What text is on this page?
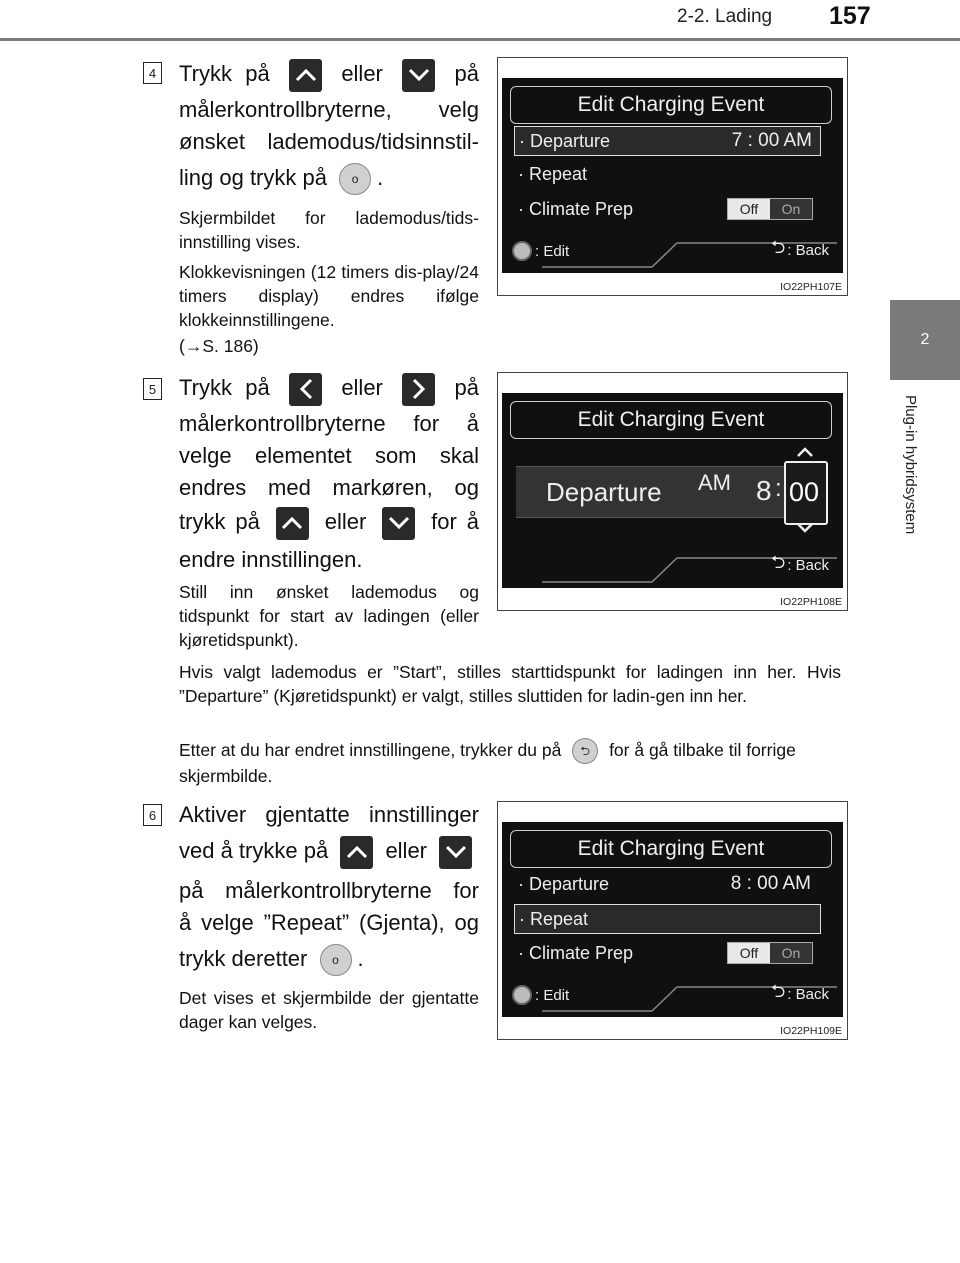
2-2. Lading 157
2
Plug-in hybridsystem
4 Trykk på	eller	på
målerkontrollbryterne, velg
ønsket lademodus/tidsinnstil-
ling og trykk på o .
Skjermbildet for lademodus/tids-innstilling vises.
Klokkevisningen (12 timers dis-play/24 timers display) endres ifølge klokkeinnstillingene.
(→S. 186)
Edit Charging Event
· Departure	7 : 00 AM
· Repeat
· Climate Prep	Off	On
: Edit	⮌ : Back
IO22PH107E
5 Trykk på	eller	på
målerkontrollbryterne for å
velge elementet som skal
endres med markøren, og
trykk på	eller	for å
endre innstillingen.
Still inn ønsket lademodus og tidspunkt for start av ladingen (eller kjøretidspunkt).
Hvis valgt lademodus er ”Start”, stilles starttidspunkt for ladingen inn her. Hvis ”Departure” (Kjøretidspunkt) er valgt, stilles sluttiden for ladin-gen inn her.
Etter at du har endret innstillingene, trykker du på ⮌ for å gå tilbake til forrige skjermbilde.
Edit Charging Event
Departure AM 8 : 00
⮌ : Back
IO22PH108E
6 Aktiver gjentatte innstillinger
ved å trykke på	eller
på målerkontrollbryterne for
å velge ”Repeat” (Gjenta), og
trykk deretter o .
Det vises et skjermbilde der gjentatte dager kan velges.
Edit Charging Event
· Departure	8 : 00 AM
· Repeat
· Climate Prep	Off	On
: Edit	⮌ : Back
IO22PH109E
